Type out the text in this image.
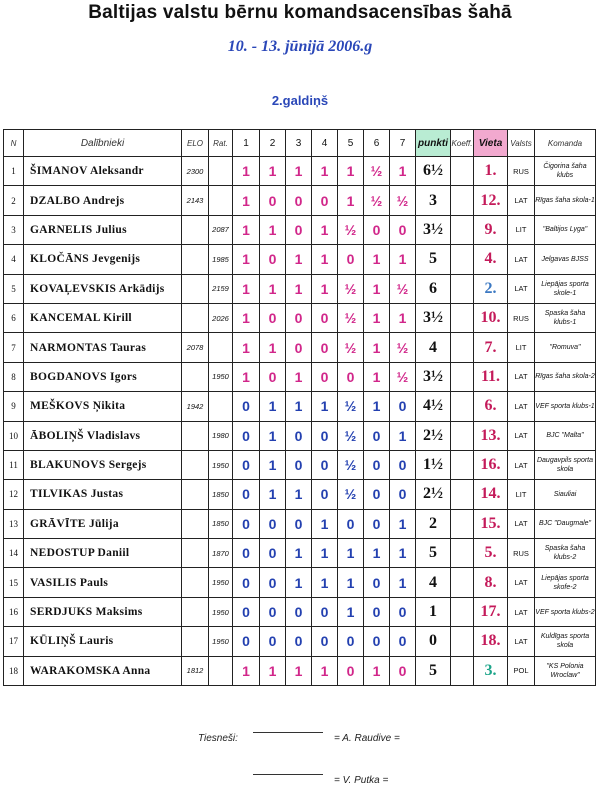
Baltijas valstu bērnu komandsacensības šahā
10. - 13. jūnijā 2006.g
2.galdiņš
N	Dalībnieki	ELO	Rat.	1	2	3	4	5	6	7	punkti	Koeff.	Vieta	Valsts	Komanda
1	ŠIMANOV Aleksandr	2300		1	1	1	1	1	½	1	6½		1.	RUS	Čigorina šaha klubs
2	DZALBO Andrejs	2143		1	0	0	0	1	½	½	3		12.	LAT	Rīgas šaha skola-1
3	GARNELIS Julius		2087	1	1	0	1	½	0	0	3½		9.	LIT	"Baltijos Lyga"
4	KLOČĀNS Jevgenijs		1985	1	0	1	1	0	1	1	5		4.	LAT	Jelgavas BJSS
5	KOVAĻEVSKIS Arkādijs		2159	1	1	1	1	½	1	½	6		2.	LAT	Liepājas sporta skole-1
6	KANCEMAL Kirill		2026	1	0	0	0	½	1	1	3½		10.	RUS	Spaska šaha klubs-1
7	NARMONTAS Tauras	2078		1	1	0	0	½	1	½	4		7.	LIT	"Romuva"
8	BOGDANOVS Igors		1950	1	0	1	0	0	1	½	3½		11.	LAT	Rīgas šaha skola-2
9	MEŠKOVS Ņikita	1942		0	1	1	1	½	1	0	4½		6.	LAT	VEF sporta klubs-1
10	ĀBOLIŅŠ Vladislavs		1980	0	1	0	0	½	0	1	2½		13.	LAT	BJC "Malta"
11	BLAKUNOVS Sergejs		1950	0	1	0	0	½	0	0	1½		16.	LAT	Daugavpils sporta skola
12	TILVIKAS Justas		1850	0	1	1	0	½	0	0	2½		14.	LIT	Siauliai
13	GRĀVĪTE Jūlija		1850	0	0	0	1	0	0	1	2		15.	LAT	BJC "Daugmale"
14	NEDOSTUP Daniil		1870	0	0	1	1	1	1	1	5		5.	RUS	Spaska šaha klubs-2
15	VASILIS Pauls		1950	0	0	1	1	1	0	1	4		8.	LAT	Liepājas sporta skofe-2
16	SERDJUKS Maksims		1950	0	0	0	0	1	0	0	1		17.	LAT	VEF sporta klubs-2
17	KŪLIŅŠ Lauris		1950	0	0	0	0	0	0	0	0		18.	LAT	Kuldīgas sporta skola
18	WARAKOMSKA Anna	1812		1	1	1	1	0	1	0	5		3.	POL	"KS Polonia Wroclaw"
Tiesneši:	= A. Raudive =
= V. Putka =
